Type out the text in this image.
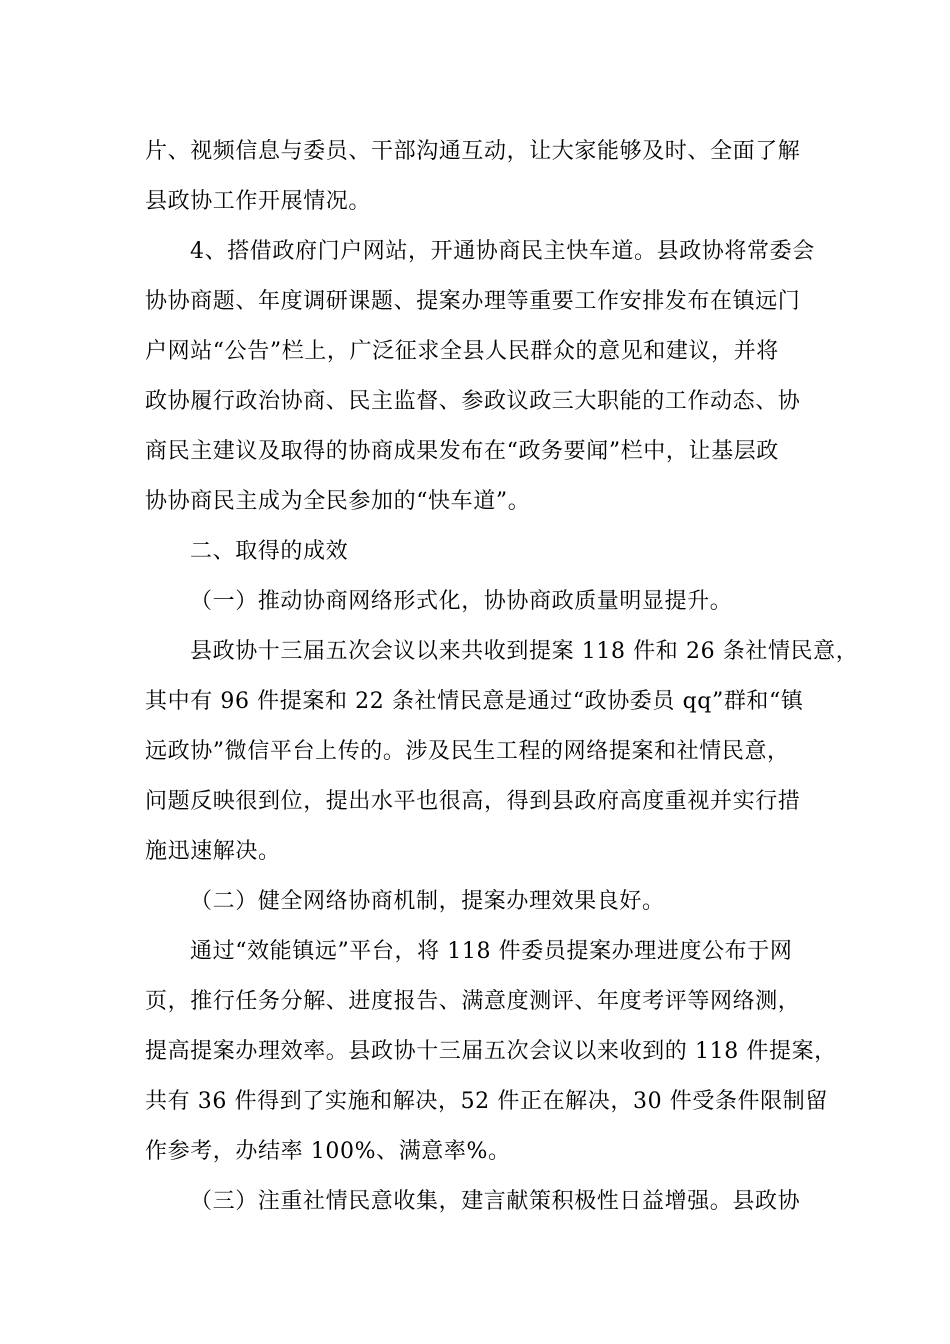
片、视频信息与委员、干部沟通互动，让大家能够及时、全面了解
县政协工作开展情况。
4、搭借政府门户网站，开通协商民主快车道。县政协将常委会
协协商题、年度调研课题、提案办理等重要工作安排发布在镇远门
户网站“公告”栏上，广泛征求全县人民群众的意见和建议，并将
政协履行政治协商、民主监督、参政议政三大职能的工作动态、协
商民主建议及取得的协商成果发布在“政务要闻”栏中，让基层政
协协商民主成为全民参加的“快车道”。
二、取得的成效
（一）推动协商网络形式化，协协商政质量明显提升。
县政协十三届五次会议以来共收到提案 118 件和 26 条社情民意，
其中有 96 件提案和 22 条社情民意是通过“政协委员 qq”群和“镇
远政协”微信平台上传的。涉及民生工程的网络提案和社情民意，
问题反映很到位，提出水平也很高，得到县政府高度重视并实行措
施迅速解决。
（二）健全网络协商机制，提案办理效果良好。
通过“效能镇远”平台，将 118 件委员提案办理进度公布于网
页，推行任务分解、进度报告、满意度测评、年度考评等网络测，
提高提案办理效率。县政协十三届五次会议以来收到的 118 件提案，
共有 36 件得到了实施和解决，52 件正在解决，30 件受条件限制留
作参考，办结率 100%、满意率%。
（三）注重社情民意收集，建言献策积极性日益增强。县政协
